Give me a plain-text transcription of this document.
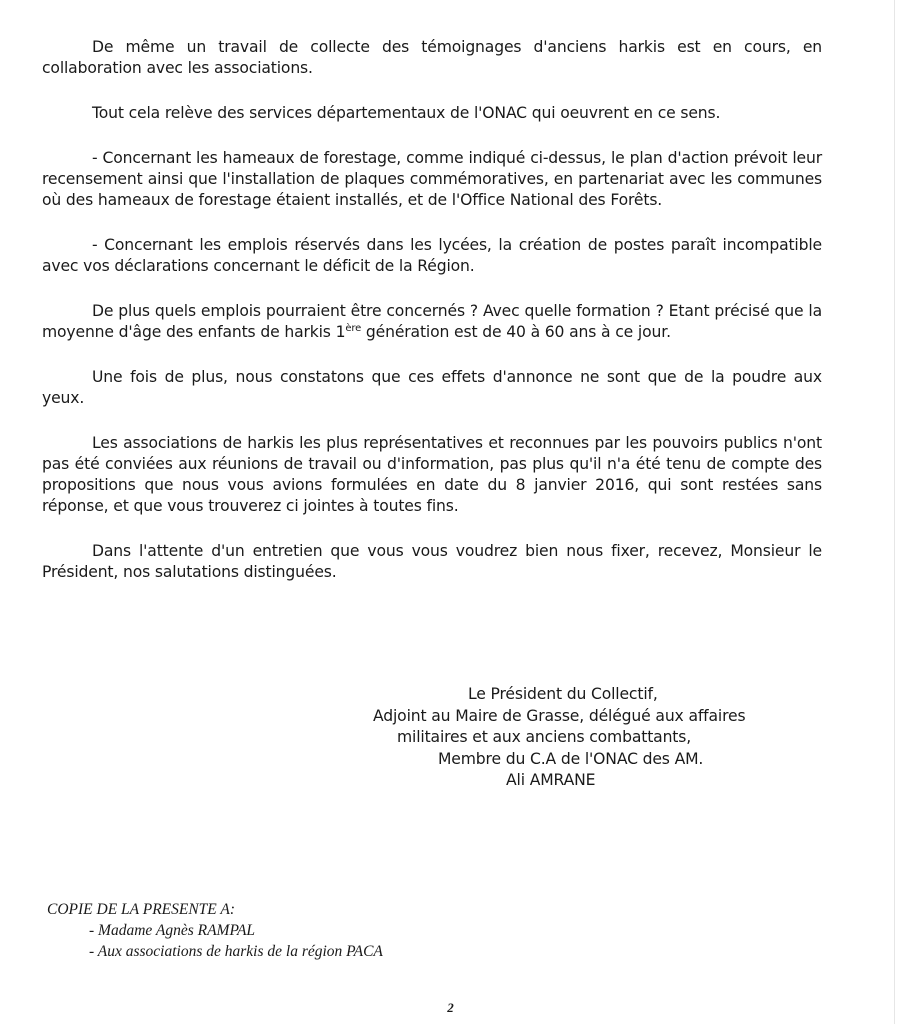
De même un travail de collecte des témoignages d'anciens harkis est en cours, en collaboration avec les associations.

Tout cela relève des services départementaux de l'ONAC qui oeuvrent en ce sens.

- Concernant les hameaux de forestage, comme indiqué ci-dessus, le plan d'action prévoit leur recensement ainsi que l'installation de plaques commémoratives, en partenariat avec les communes où des hameaux de forestage étaient installés, et de l'Office National des Forêts.

- Concernant les emplois réservés dans les lycées, la création de postes paraît incompatible avec vos déclarations concernant le déficit de la Région.

De plus quels emplois pourraient être concernés ? Avec quelle formation ? Etant précisé que la moyenne d'âge des enfants de harkis 1ère génération est de 40 à 60 ans à ce jour.

Une fois de plus, nous constatons que ces effets d'annonce ne sont que de la poudre aux yeux.

Les associations de harkis les plus représentatives et reconnues par les pouvoirs publics n'ont pas été conviées aux réunions de travail ou d'information, pas plus qu'il n'a été tenu de compte des propositions que nous vous avions formulées en date du 8 janvier 2016, qui sont restées sans réponse, et que vous trouverez ci jointes à toutes fins.

Dans l'attente d'un entretien que vous vous voudrez bien nous fixer, recevez, Monsieur le Président, nos salutations distinguées.

Le Président du Collectif,
Adjoint au Maire de Grasse, délégué aux affaires
militaires et aux anciens combattants,
Membre du C.A de l'ONAC des AM.
Ali AMRANE
COPIE DE LA PRESENTE A:
- Madame Agnès RAMPAL
- Aux associations de harkis de la région PACA
2
